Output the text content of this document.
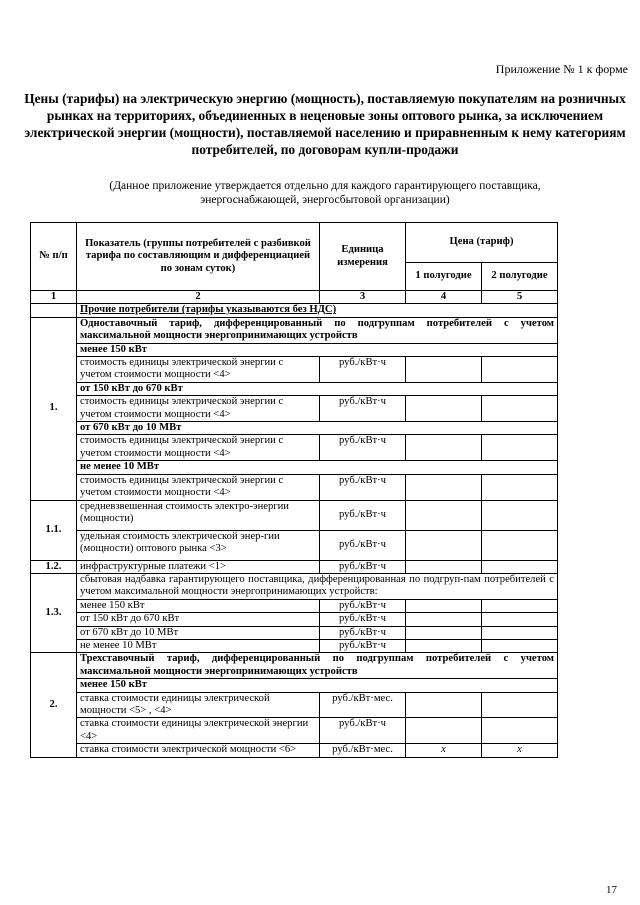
Приложение № 1 к форме
Цены (тарифы) на электрическую энергию (мощность), поставляемую покупателям на розничных рынках на территориях, объединенных в неценовые зоны оптового рынка, за исключением электрической энергии (мощности), поставляемой населению и приравненным к нему категориям потребителей, по договорам купли-продажи
(Данное приложение утверждается отдельно для каждого гарантирующего поставщика, энергоснабжающей, энергосбытовой организации)
№ п/п	Показатель (группы потребителей с разбивкой тарифа по составляющим и дифференциацией по зонам суток)	Единица измерения	Цена (тариф)	
			1 полугодие	2 полугодие
1	2	3	4	5
	Прочие потребители (тарифы указываются без НДС)			
1.	Одноставочный тариф, дифференцированный по подгруппам потребителей с учетом максимальной мощности энергопринимающих устройств			
	менее 150 кВт			
	стоимость единицы электрической энергии с учетом стоимости мощности <4>	руб./кВт·ч		
	от 150 кВт до 670 кВт			
	стоимость единицы электрической энергии с учетом стоимости мощности <4>	руб./кВт·ч		
	от 670 кВт до 10 МВт			
	стоимость единицы электрической энергии с учетом стоимости мощности <4>	руб./кВт·ч		
	не менее 10 МВт			
	стоимость единицы электрической энергии с учетом стоимости мощности <4>	руб./кВт·ч		
1.1.	средневзвешенная стоимость электро-энергии (мощности)	руб./кВт·ч		
	удельная стоимость электрической энер-гии (мощности) оптового рынка <3>	руб./кВт·ч		
1.2.	инфраструктурные платежи <1>	руб./кВт·ч		
1.3.	сбытовая надбавка гарантирующего поставщика, дифференцированная по подгруп-пам потребителей с учетом максимальной мощности энергопринимающих устройств:			
	менее 150 кВт	руб./кВт·ч		
	от 150 кВт до 670 кВт	руб./кВт·ч		
	от 670 кВт до 10 МВт	руб./кВт·ч		
	не менее 10 МВт	руб./кВт·ч		
2.	Трехставочный тариф, дифференцированный по подгруппам потребителей с учетом максимальной мощности энергопринимающих устройств			
	менее 150 кВт			
	ставка стоимости единицы электрической мощности <5> , <4>	руб./кВт·мес.		
	ставка стоимости единицы электрической энергии <4>	руб./кВт·ч		
	ставка стоимости электрической мощности <6>	руб./кВт·мес.	x	x
17
